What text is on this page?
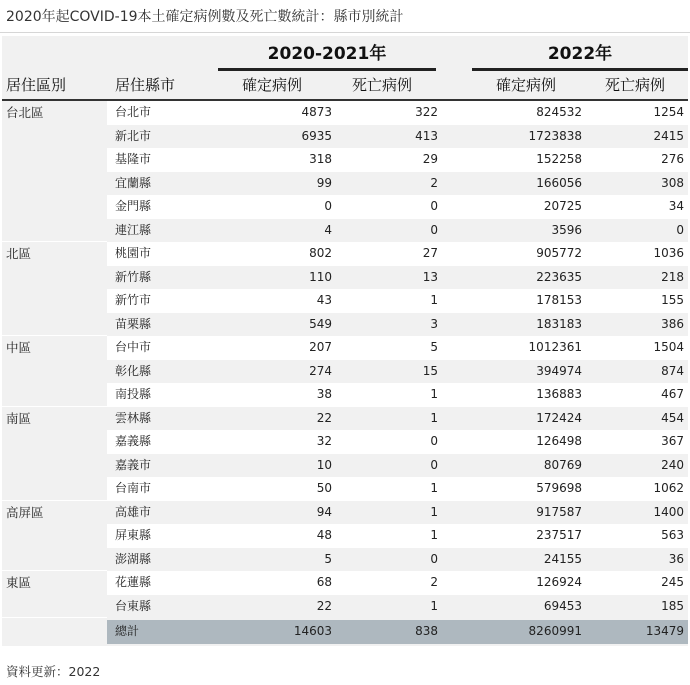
2020年起COVID-19本土確定病例數及死亡數統計：縣市別統計
2020-2021年	2022年
居住區別	居住縣市	確定病例	死亡病例	確定病例	死亡病例
台北區	台北市	4873	322	824532	1254
新北市	6935	413	1723838	2415
基隆市	318	29	152258	276
宜蘭縣	99	2	166056	308
金門縣	0	0	20725	34
連江縣	4	0	3596	0
北區	桃園市	802	27	905772	1036
新竹縣	110	13	223635	218
新竹市	43	1	178153	155
苗栗縣	549	3	183183	386
中區	台中市	207	5	1012361	1504
彰化縣	274	15	394974	874
南投縣	38	1	136883	467
南區	雲林縣	22	1	172424	454
嘉義縣	32	0	126498	367
嘉義市	10	0	80769	240
台南市	50	1	579698	1062
高屏區	高雄市	94	1	917587	1400
屏東縣	48	1	237517	563
澎湖縣	5	0	24155	36
東區	花蓮縣	68	2	126924	245
台東縣	22	1	69453	185
總計	14603	838	8260991	13479
資料更新：2022
